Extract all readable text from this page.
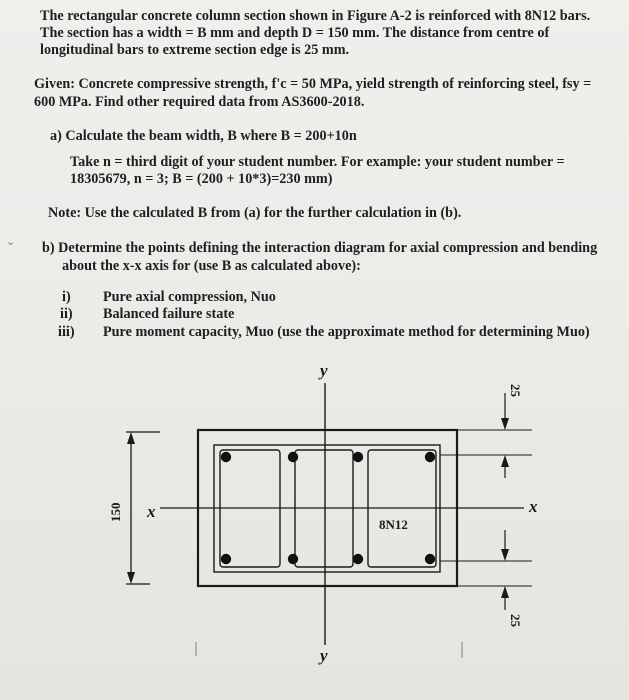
The rectangular concrete column section shown in Figure A-2 is reinforced with 8N12 bars.
The section has a width = B mm and depth D = 150 mm. The distance from centre of
longitudinal bars to extreme section edge is 25 mm.
Given: Concrete compressive strength, f'c = 50 MPa, yield strength of reinforcing steel, fsy =
600 MPa. Find other required data from AS3600-2018.
a) Calculate the beam width, B where B = 200+10n
Take n = third digit of your student number. For example: your student number =
18305679, n = 3; B = (200 + 10*3)=230 mm)
Note: Use the calculated B from (a) for the further calculation in (b).
b) Determine the points defining the interaction diagram for axial compression and bending
about the x-x axis for (use B as calculated above):
i) Pure axial compression, Nuo
ii) Balanced failure state
iii) Pure moment capacity, Muo (use the approximate method for determining Muo)
⌄
y
y
x	x
8N12
150
25
25
